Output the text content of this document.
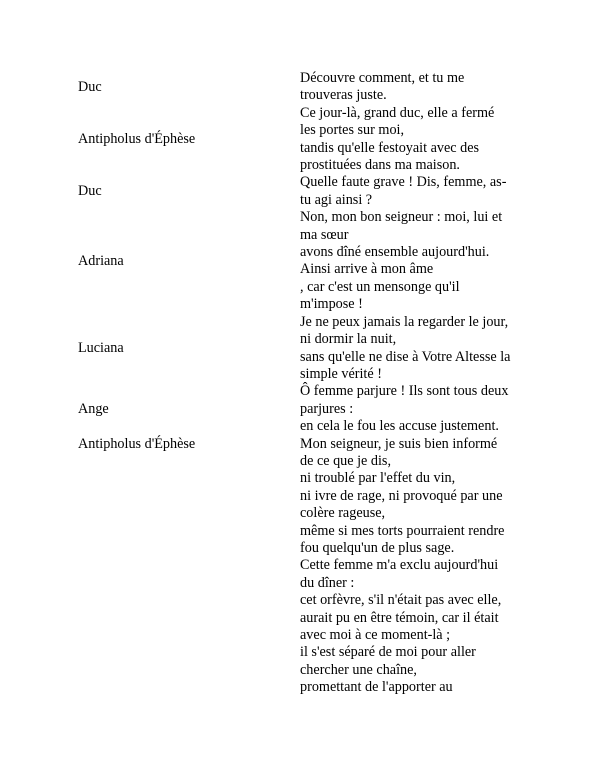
Duc
Découvre comment, et tu me
trouveras juste.
Antipholus d'Éphèse
Ce jour-là, grand duc, elle a fermé
les portes sur moi,
tandis qu'elle festoyait avec des
prostituées dans ma maison.
Duc
Quelle faute grave ! Dis, femme, as-
tu agi ainsi ?
Adriana
Non, mon bon seigneur : moi, lui et
ma sœur
avons dîné ensemble aujourd'hui.
Ainsi arrive à mon âme
, car c'est un mensonge qu'il
m'impose !
Luciana
Je ne peux jamais la regarder le jour,
ni dormir la nuit,
sans qu'elle ne dise à Votre Altesse la
simple vérité !
Ange
Ô femme parjure ! Ils sont tous deux
parjures :
en cela le fou les accuse justement.
Antipholus d'Éphèse	Mon seigneur, je suis bien informé
de ce que je dis,
ni troublé par l'effet du vin,
ni ivre de rage, ni provoqué par une
colère rageuse,
même si mes torts pourraient rendre
fou quelqu'un de plus sage.
Cette femme m'a exclu aujourd'hui
du dîner :
cet orfèvre, s'il n'était pas avec elle,
aurait pu en être témoin, car il était
avec moi à ce moment-là ;
il s'est séparé de moi pour aller
chercher une chaîne,
promettant de l'apporter au
